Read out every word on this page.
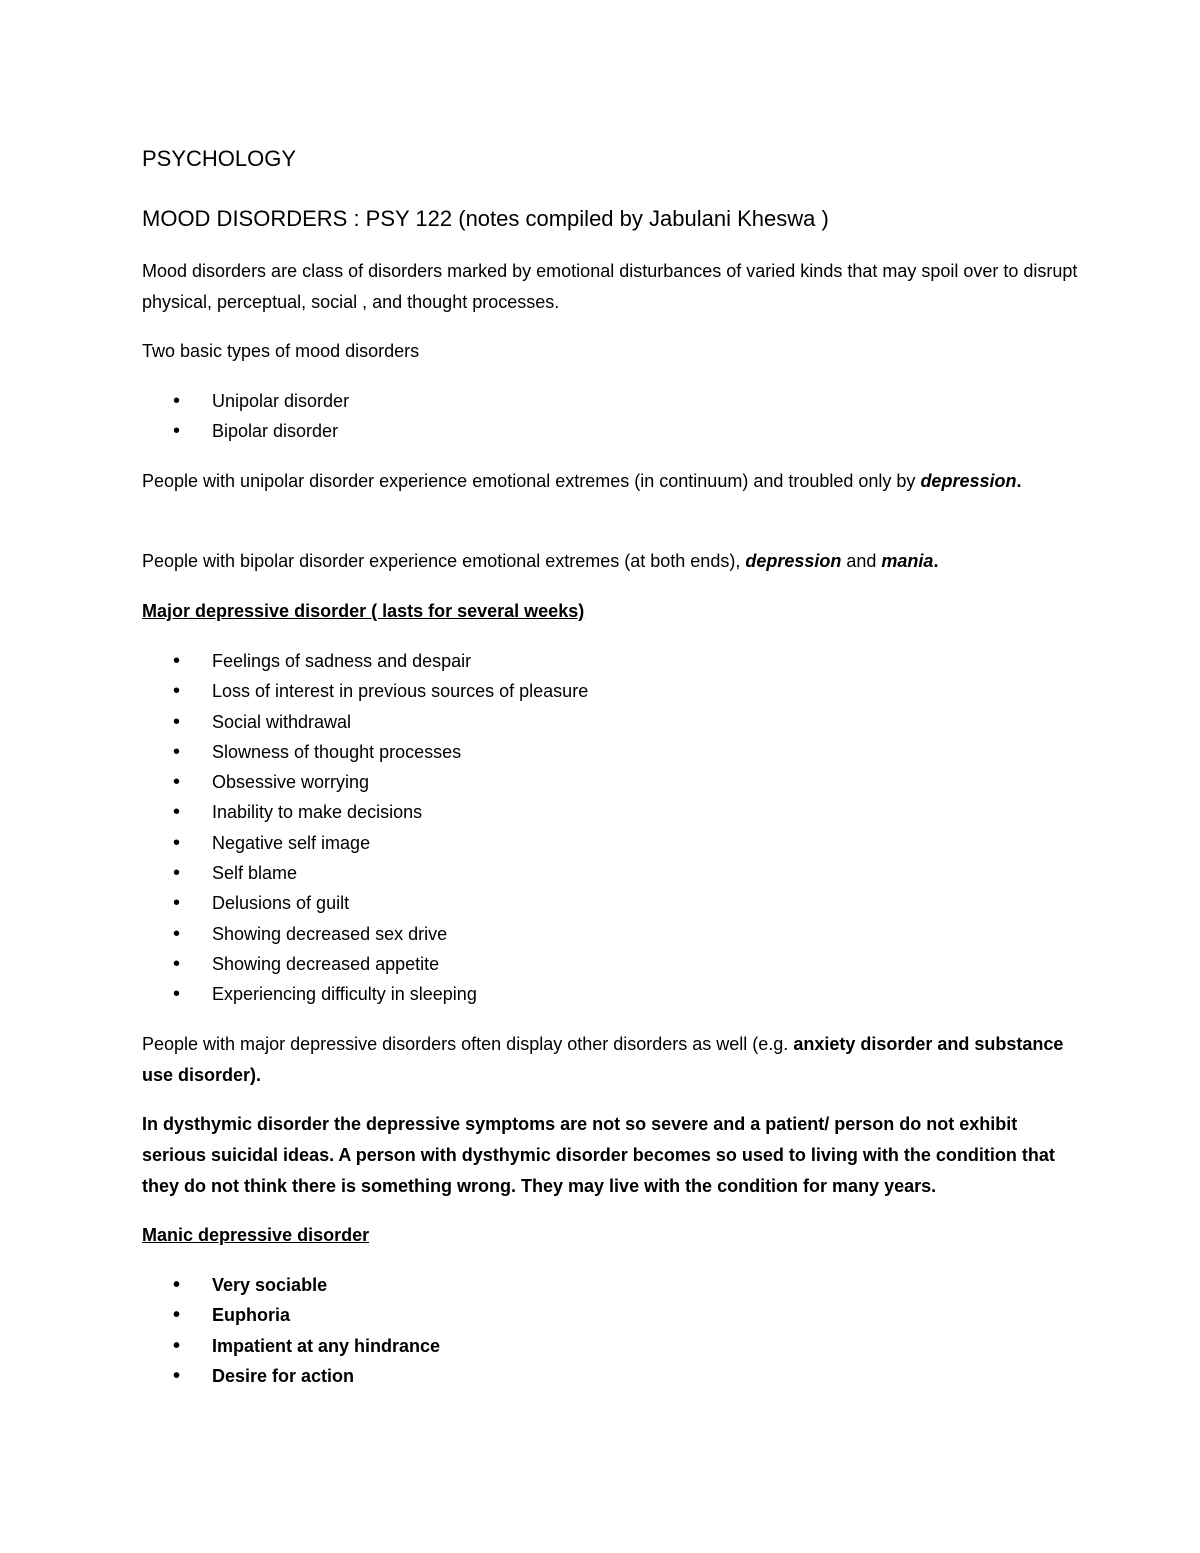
PSYCHOLOGY

MOOD DISORDERS : PSY 122 (notes compiled by Jabulani Kheswa )

Mood disorders are class of disorders marked by emotional disturbances of varied kinds that may spoil over to disrupt physical, perceptual, social , and thought processes.

Two basic types of mood disorders

• Unipolar disorder
• Bipolar disorder

People with unipolar disorder experience emotional extremes (in continuum) and troubled only by depression.

People with bipolar disorder experience emotional extremes (at both ends), depression and mania.

Major depressive disorder ( lasts for several weeks)

• Feelings of sadness and despair
• Loss of interest in previous sources of pleasure
• Social withdrawal
• Slowness of thought processes
• Obsessive worrying
• Inability to make decisions
• Negative self image
• Self blame
• Delusions of guilt
• Showing decreased sex drive
• Showing decreased appetite
• Experiencing difficulty in sleeping

People with major depressive disorders often display other disorders as well (e.g. anxiety disorder and substance use disorder).

In dysthymic disorder the depressive symptoms are not so severe and a patient/ person do not exhibit serious suicidal ideas. A person with dysthymic disorder becomes so used to living with the condition that they do not think there is something wrong. They may live with the condition for many years.

Manic depressive disorder

• Very sociable
• Euphoria
• Impatient at any hindrance
• Desire for action
